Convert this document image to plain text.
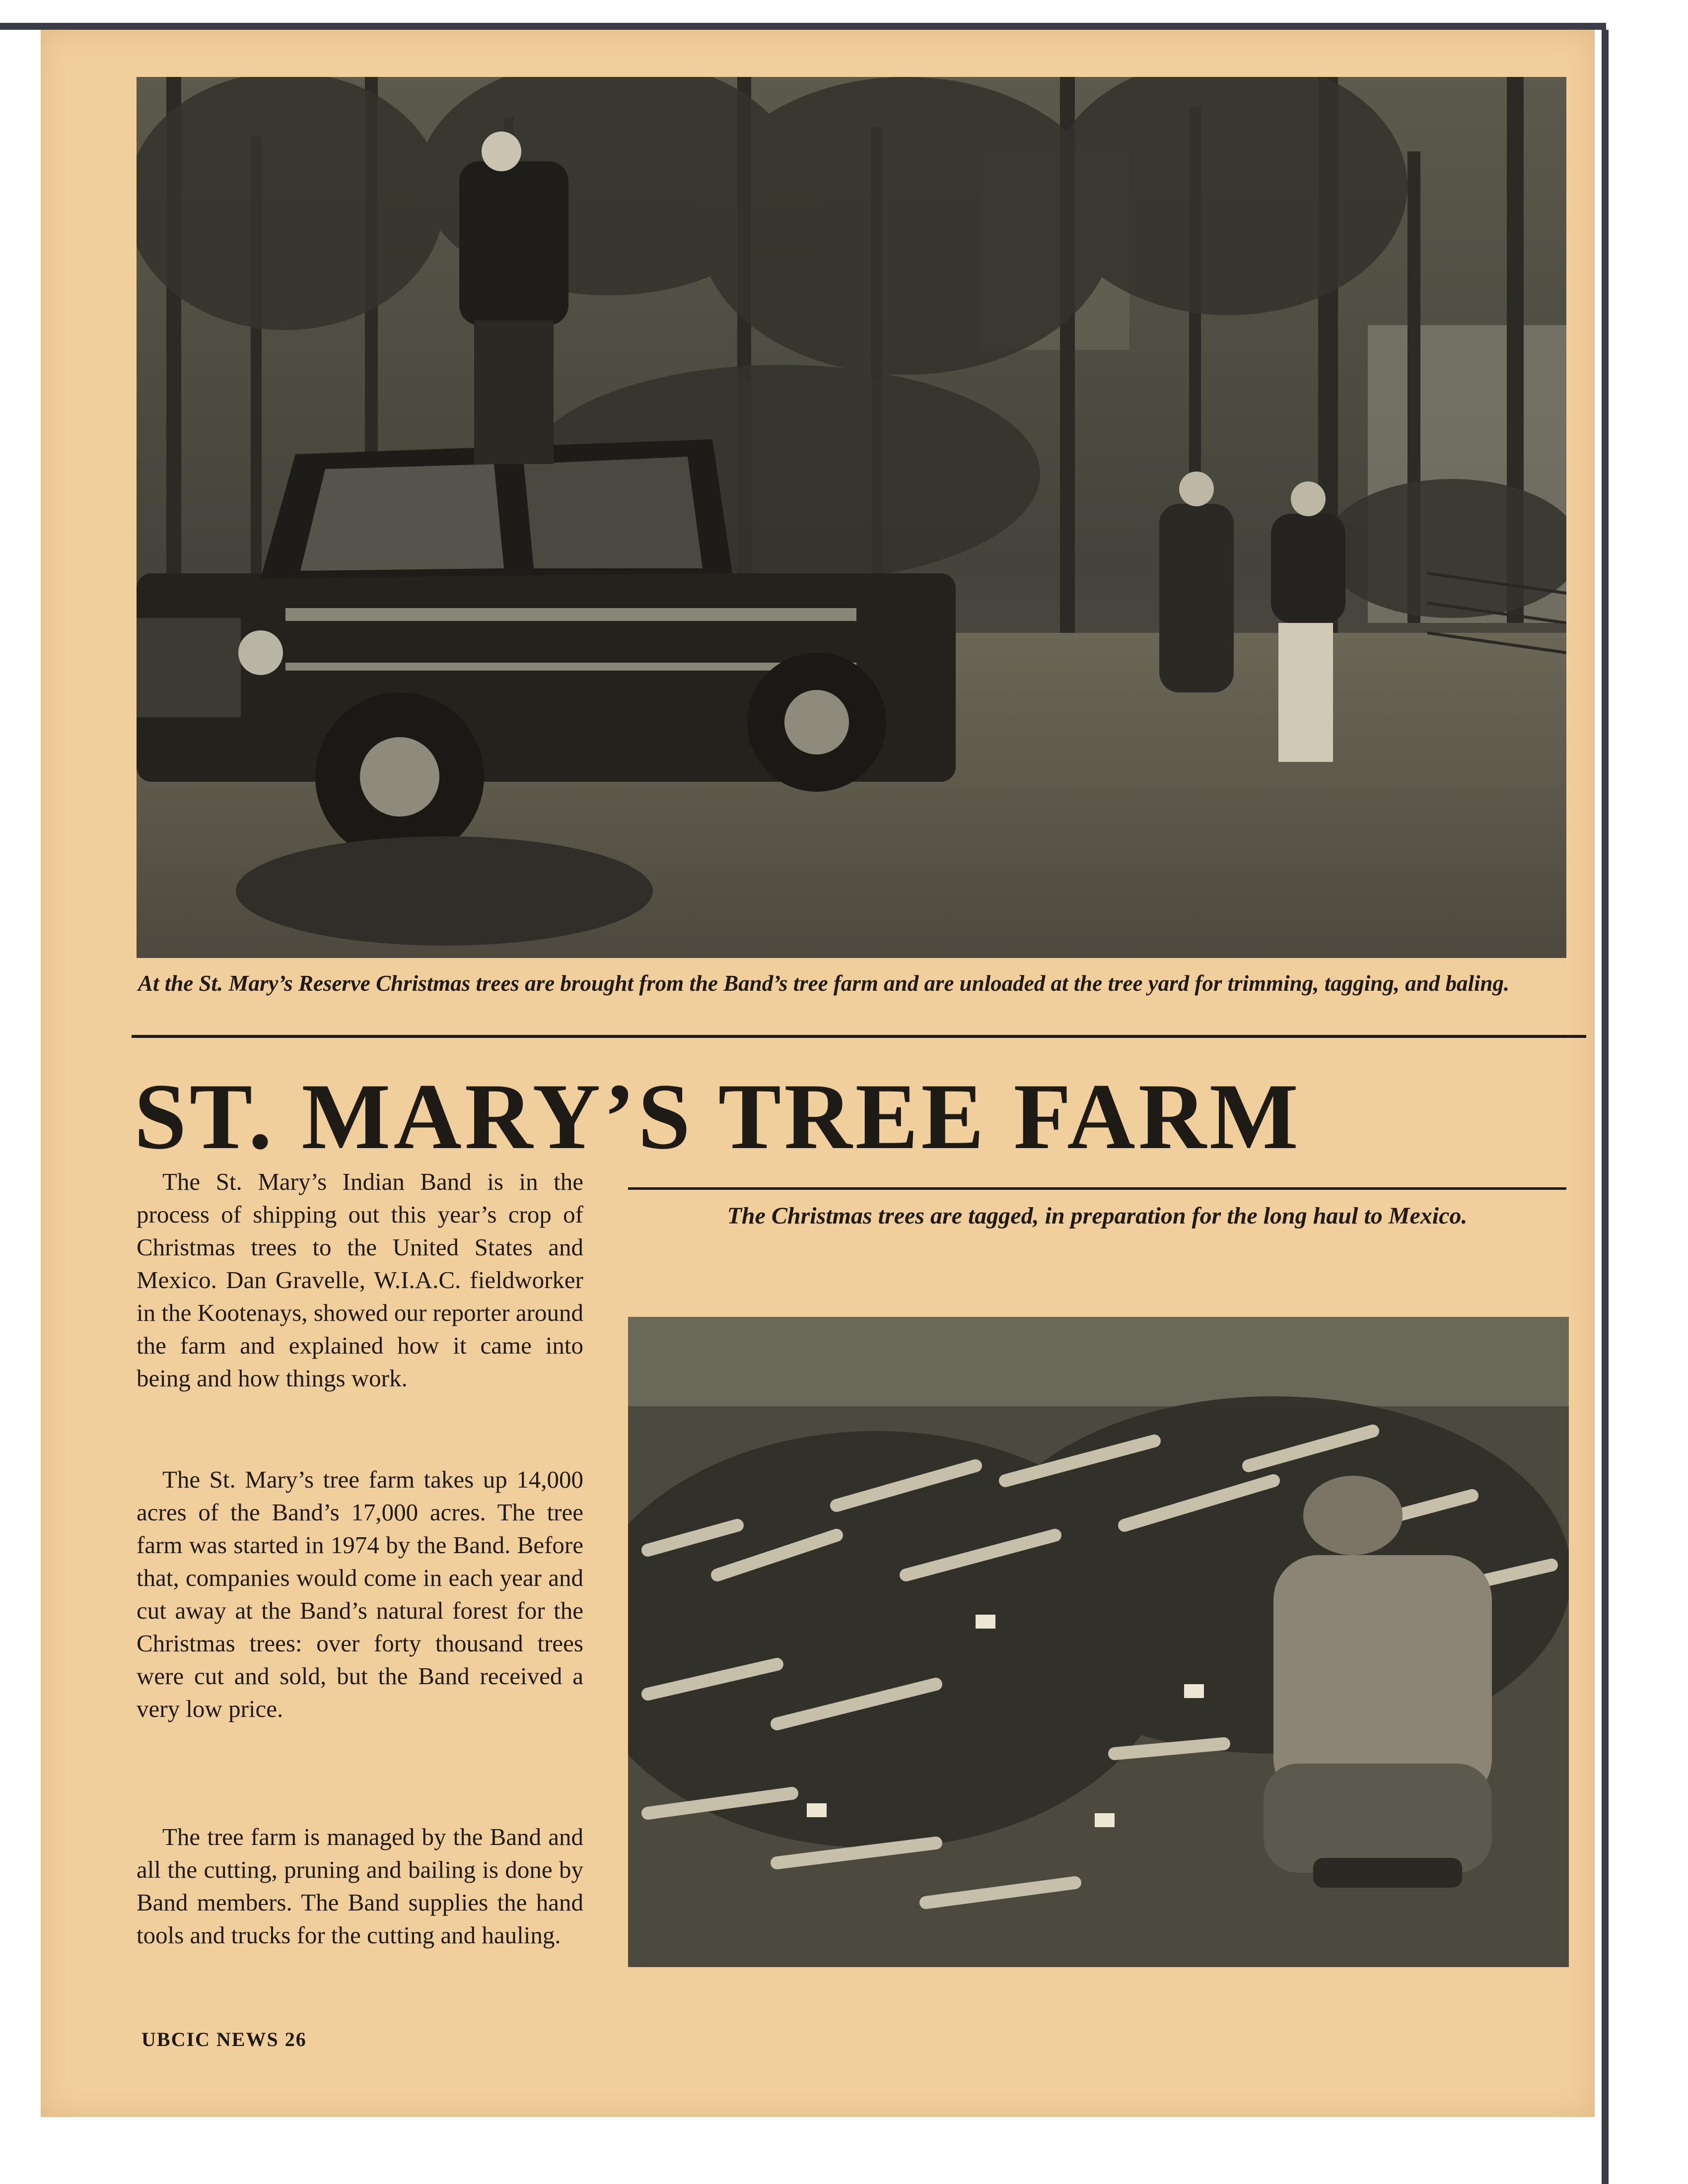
At the St. Mary’s Reserve Christmas trees are brought from the Band’s tree farm and are unloaded at the tree yard for trimming, tagging, and baling.
ST. MARY’S TREE FARM

The St. Mary’s Indian Band is in the process of shipping out this year’s crop of Christmas trees to the United States and Mexico. Dan Gravelle, W.I.A.C. fieldworker in the Kootenays, showed our reporter around the farm and explained how it came into being and how things work.

The St. Mary’s tree farm takes up 14,000 acres of the Band’s 17,000 acres. The tree farm was started in 1974 by the Band. Before that, companies would come in each year and cut away at the Band’s natural forest for the Christmas trees: over forty thousand trees were cut and sold, but the Band received a very low price.

The tree farm is managed by the Band and all the cutting, pruning and bailing is done by Band members. The Band supplies the hand tools and trucks for the cutting and hauling.

The Christmas trees are tagged, in preparation for the long haul to Mexico.
UBCIC NEWS 26
